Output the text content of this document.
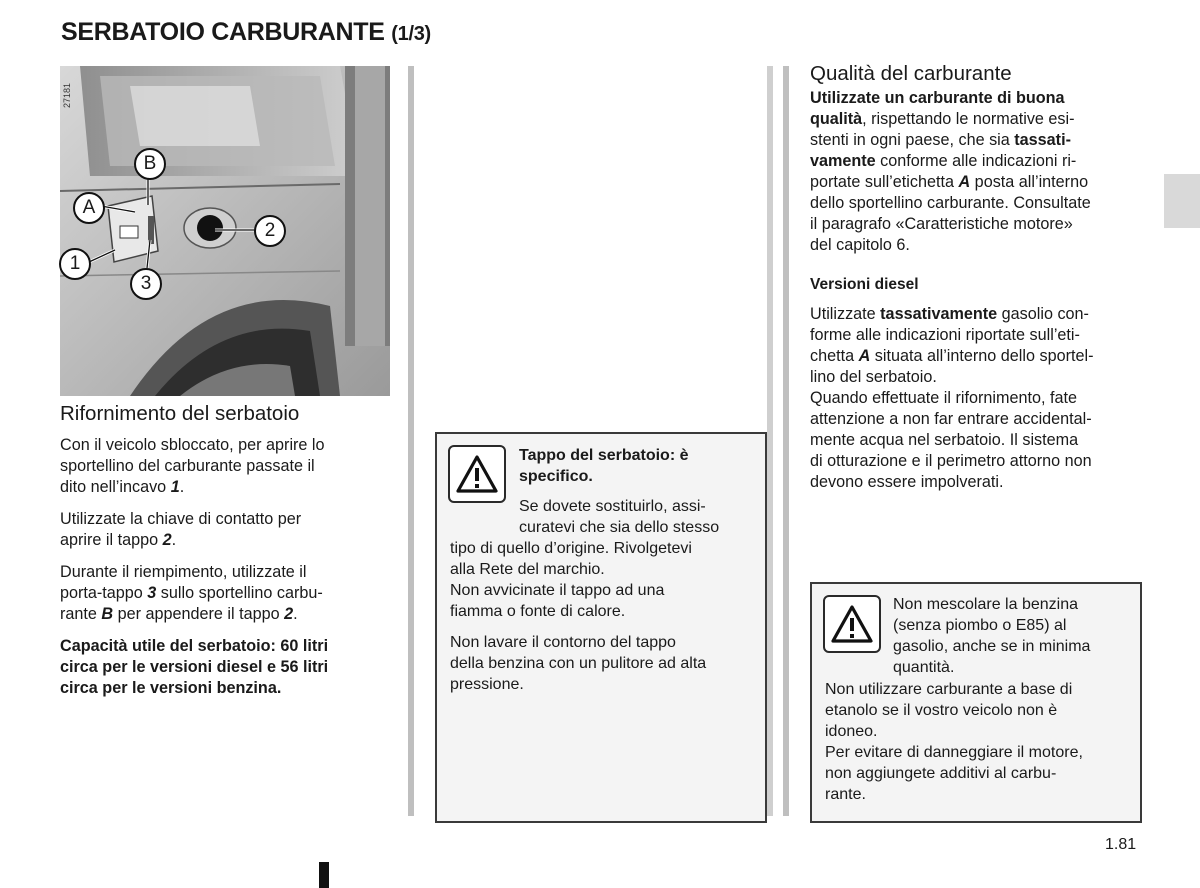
SERBATOIO CARBURANTE (1/3)
27181
B
A
2
1
3
Rifornimento del serbatoio

Con il veicolo sbloccato, per aprire lo
sportellino del carburante passate il
dito nell’incavo 1.

Utilizzate la chiave di contatto per
aprire il tappo 2.

Durante il riempimento, utilizzate il
porta-tappo 3 sullo sportellino carbu-
rante B per appendere il tappo 2.

Capacità utile del serbatoio: 60 litri
circa per le versioni diesel e 56 litri
circa per le versioni benzina.

Tappo del serbatoio: è
specifico.
Se dovete sostituirlo, assi-
curatevi che sia dello stesso
tipo di quello d’origine. Rivolgetevi
alla Rete del marchio.
Non avvicinate il tappo ad una
fiamma o fonte di calore.
Non lavare il contorno del tappo
della benzina con un pulitore ad alta
pressione.
Qualità del carburante
Utilizzate un carburante di buona
qualità, rispettando le normative esi-
stenti in ogni paese, che sia tassati-
vamente conforme alle indicazioni ri-
portate sull’etichetta A posta all’interno
dello sportellino carburante. Consultate
il paragrafo «Caratteristiche motore»
del capitolo 6.
Versioni diesel
Utilizzate tassativamente gasolio con-
forme alle indicazioni riportate sull’eti-
chetta A situata all’interno dello sportel-
lino del serbatoio.
Quando effettuate il rifornimento, fate
attenzione a non far entrare accidental-
mente acqua nel serbatoio. Il sistema
di otturazione e il perimetro attorno non
devono essere impolverati.
Non mescolare la benzina
(senza piombo o E85) al
gasolio, anche se in minima
quantità.
Non utilizzare carburante a base di
etanolo se il vostro veicolo non è
idoneo.
Per evitare di danneggiare il motore,
non aggiungete additivi al carbu-
rante.
1.81
